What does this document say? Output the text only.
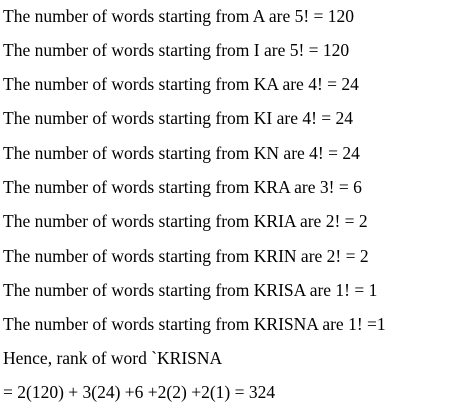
The number of words starting from A are 5! = 120
The number of words starting from I are 5! = 120
The number of words starting from KA are 4! = 24
The number of words starting from KI are 4! = 24
The number of words starting from KN are 4! = 24
The number of words starting from KRA are 3! = 6
The number of words starting from KRIA are 2! = 2
The number of words starting from KRIN are 2! = 2
The number of words starting from KRISA are 1! = 1
The number of words starting from KRISNA are 1! =1
Hence, rank of word `KRISNA
= 2(120) + 3(24) +6 +2(2) +2(1) = 324
